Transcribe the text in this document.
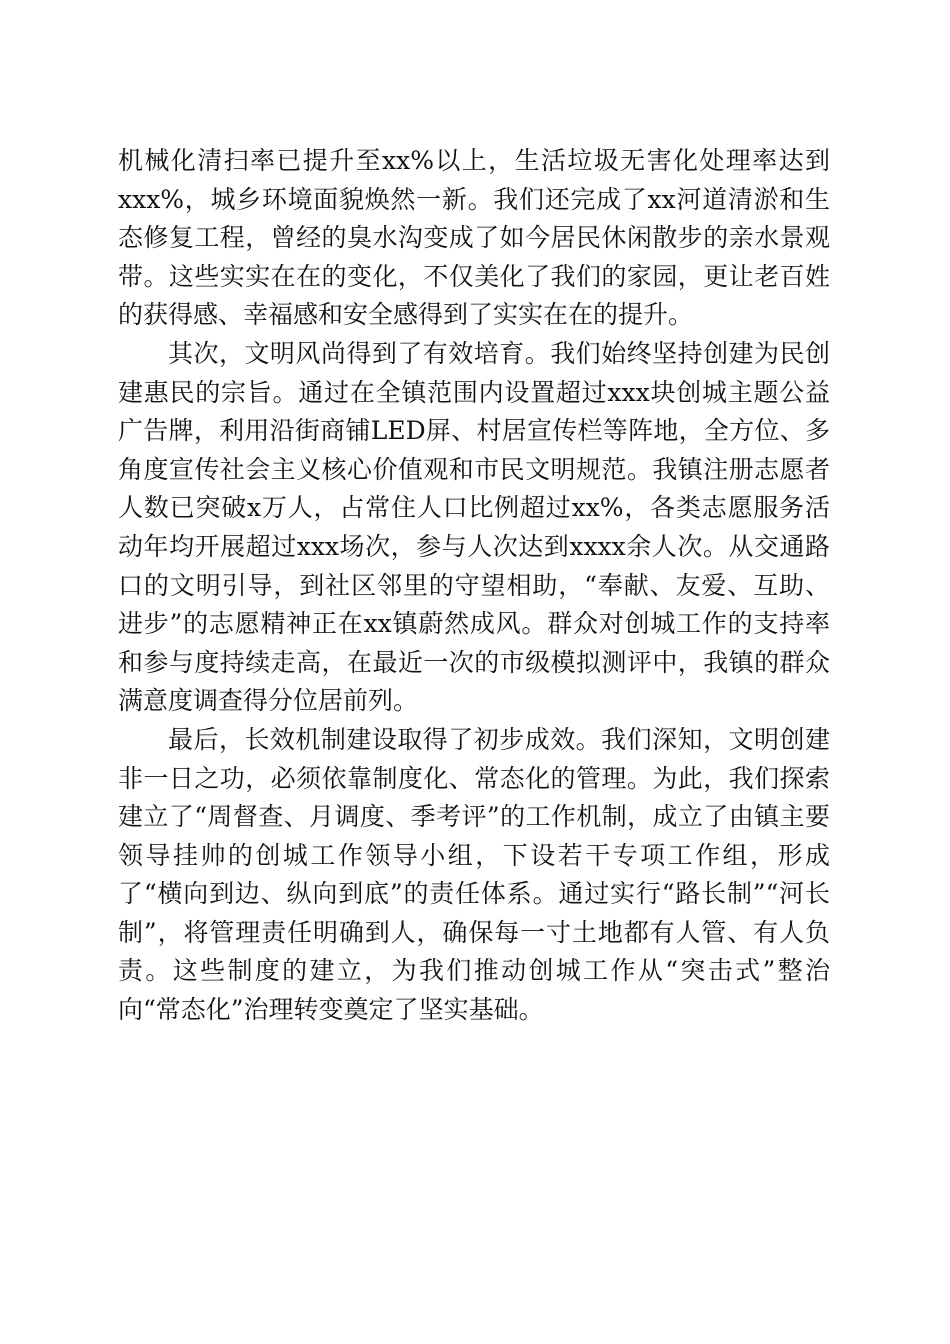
机械化清扫率已提升至xx%以上，生活垃圾无害化处理率达到xxx%，城乡环境面貌焕然一新。我们还完成了xx河道清淤和生态修复工程，曾经的臭水沟变成了如今居民休闲散步的亲水景观带。这些实实在在的变化，不仅美化了我们的家园，更让老百姓的获得感、幸福感和安全感得到了实实在在的提升。

其次，文明风尚得到了有效培育。我们始终坚持创建为民创建惠民的宗旨。通过在全镇范围内设置超过xxx块创城主题公益广告牌，利用沿街商铺LED屏、村居宣传栏等阵地，全方位、多角度宣传社会主义核心价值观和市民文明规范。我镇注册志愿者人数已突破x万人，占常住人口比例超过xx%，各类志愿服务活动年均开展超过xxx场次，参与人次达到xxxx余人次。从交通路口的文明引导，到社区邻里的守望相助，“奉献、友爱、互助、进步”的志愿精神正在xx镇蔚然成风。群众对创城工作的支持率和参与度持续走高，在最近一次的市级模拟测评中，我镇的群众满意度调查得分位居前列。

最后，长效机制建设取得了初步成效。我们深知，文明创建非一日之功，必须依靠制度化、常态化的管理。为此，我们探索建立了“周督查、月调度、季考评”的工作机制，成立了由镇主要领导挂帅的创城工作领导小组，下设若干专项工作组，形成了“横向到边、纵向到底”的责任体系。通过实行“路长制”“河长制”，将管理责任明确到人，确保每一寸土地都有人管、有人负责。这些制度的建立，为我们推动创城工作从“突击式”整治向“常态化”治理转变奠定了坚实基础。
